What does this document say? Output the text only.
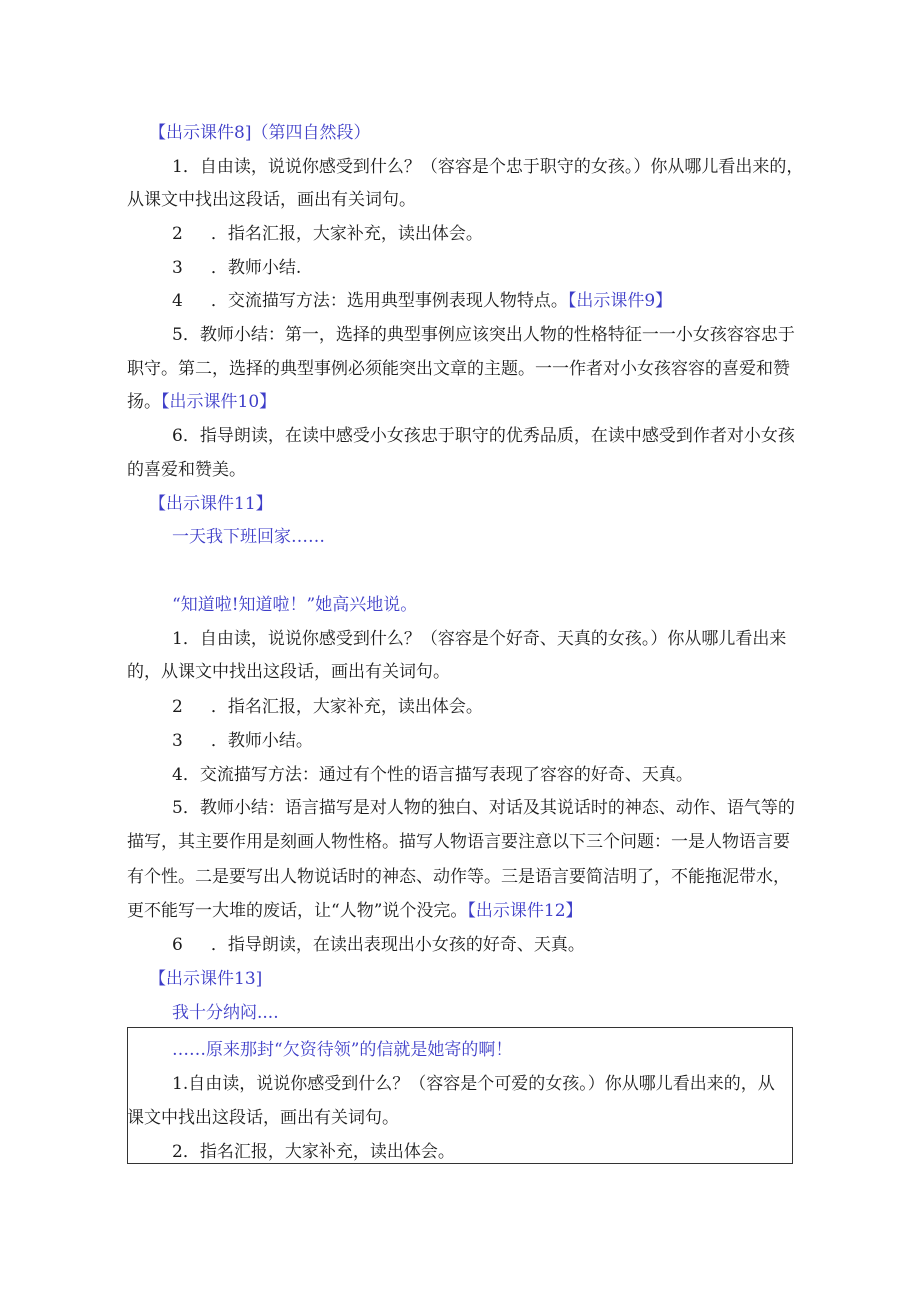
【出示课件8]（第四自然段）
1．自由读，说说你感受到什么？（容容是个忠于职守的女孩。）你从哪儿看出来的，
从课文中找出这段话，画出有关词句。
2 ．指名汇报，大家补充，读出体会。
3 ．教师小结.
4 ．交流描写方法：选用典型事例表现人物特点。【出示课件9】
5．教师小结：第一，选择的典型事例应该突出人物的性格特征一一小女孩容容忠于
职守。第二，选择的典型事例必须能突出文章的主题。一一作者对小女孩容容的喜爱和赞
扬。【出示课件10】
6．指导朗读，在读中感受小女孩忠于职守的优秀品质，在读中感受到作者对小女孩
的喜爱和赞美。
【出示课件11】
一天我下班回家……
“知道啦!知道啦！”她高兴地说。
1．自由读，说说你感受到什么？（容容是个好奇、天真的女孩。）你从哪儿看出来
的，从课文中找出这段话，画出有关词句。
2 ．指名汇报，大家补充，读出体会。
3 ．教师小结。
4．交流描写方法：通过有个性的语言描写表现了容容的好奇、天真。
5．教师小结：语言描写是对人物的独白、对话及其说话时的神态、动作、语气等的
描写，其主要作用是刻画人物性格。描写人物语言要注意以下三个问题：一是人物语言要
有个性。二是要写出人物说话时的神态、动作等。三是语言要简洁明了，不能拖泥带水，
更不能写一大堆的废话，让“人物”说个没完。【出示课件12】
6 ．指导朗读，在读出表现出小女孩的好奇、天真。
【出示课件13]
我十分纳闷....
……原来那封“欠资待领”的信就是她寄的啊！
1.自由读，说说你感受到什么？（容容是个可爱的女孩。）你从哪儿看出来的，从
课文中找出这段话，画出有关词句。
2．指名汇报，大家补充，读出体会。
